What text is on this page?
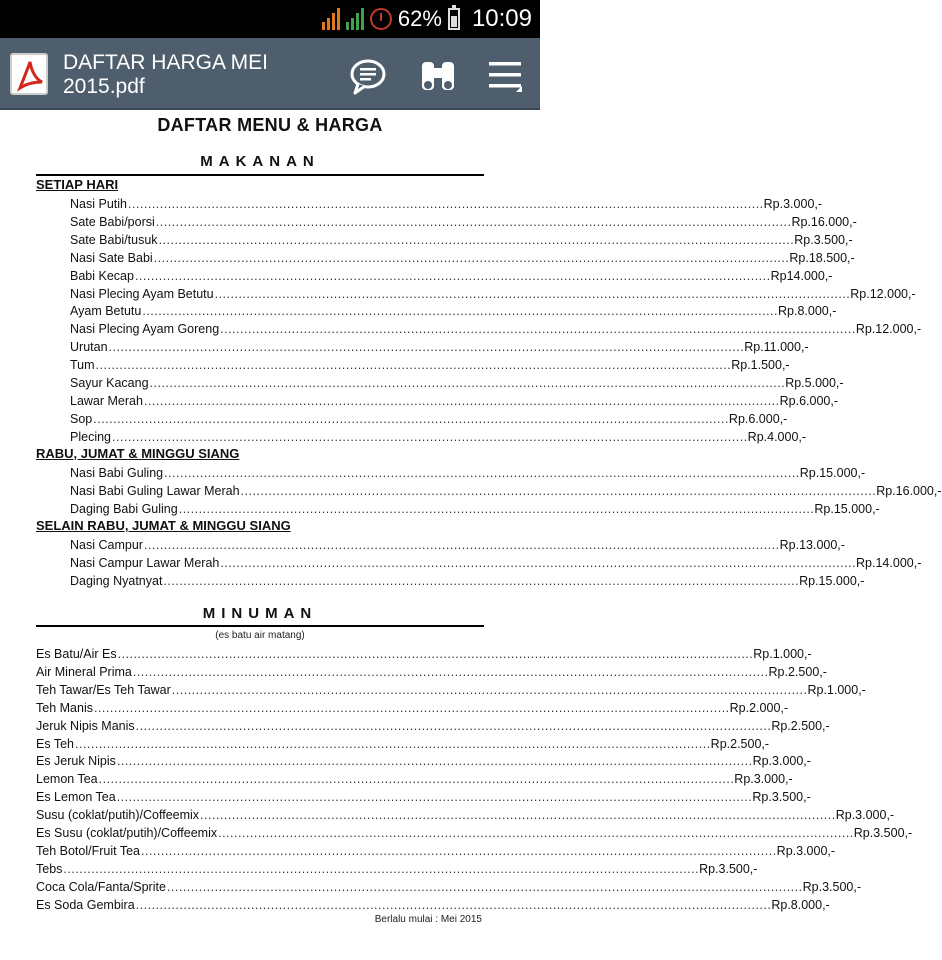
62% 10:09
DAFTAR HARGA MEI 2015.pdf
DAFTAR MENU & HARGA
MAKANAN
SETIAP HARI
RABU, JUMAT & MINGGU SIANG
SELAIN RABU, JUMAT & MINGGU SIANG
MINUMAN
(es batu air matang)
Berlalu mulai : Mei 2015
Nasi Putih ................................................................................................................................................................ Rp. 3.000,-
Sate Babi/porsi ................................................................................................................................................................ Rp. 16.000,-
Sate Babi/tusuk ................................................................................................................................................................ Rp. 3.500,-
Nasi Sate Babi ................................................................................................................................................................ Rp. 18.500,-
Babi Kecap ................................................................................................................................................................ Rp 14.000,-
Nasi Plecing Ayam Betutu ................................................................................................................................................................ Rp. 12.000,-
Ayam Betutu ................................................................................................................................................................ Rp. 8.000,-
Nasi Plecing Ayam Goreng ................................................................................................................................................................ Rp. 12.000,-
Urutan ................................................................................................................................................................ Rp. 11.000,-
Tum ................................................................................................................................................................ Rp. 1.500,-
Sayur Kacang ................................................................................................................................................................ Rp. 5.000,-
Lawar Merah ................................................................................................................................................................ Rp. 6.000,-
Sop ................................................................................................................................................................ Rp. 6.000,-
Plecing ................................................................................................................................................................ Rp. 4.000,-
Nasi Babi Guling ................................................................................................................................................................ Rp. 15.000,-
Nasi Babi Guling Lawar Merah ................................................................................................................................................................ Rp. 16.000,-
Daging Babi Guling ................................................................................................................................................................ Rp. 15.000,-
Nasi Campur ................................................................................................................................................................ Rp. 13.000,-
Nasi Campur Lawar Merah ................................................................................................................................................................ Rp. 14.000,-
Daging Nyatnyat ................................................................................................................................................................ Rp. 15.000,-
Es Batu/Air Es ................................................................................................................................................................ Rp. 1.000,-
Air Mineral Prima ................................................................................................................................................................ Rp. 2.500,-
Teh Tawar/Es Teh Tawar ................................................................................................................................................................ Rp. 1.000,-
Teh Manis ................................................................................................................................................................ Rp. 2.000,-
Jeruk Nipis Manis ................................................................................................................................................................ Rp. 2.500,-
Es Teh ................................................................................................................................................................ Rp. 2.500,-
Es Jeruk Nipis ................................................................................................................................................................ Rp. 3.000,-
Lemon Tea ................................................................................................................................................................ Rp. 3.000,-
Es Lemon Tea ................................................................................................................................................................ Rp. 3.500,-
Susu (coklat/putih)/Coffeemix ................................................................................................................................................................ Rp. 3.000,-
Es Susu (coklat/putih)/Coffeemix ................................................................................................................................................................ Rp. 3.500,-
Teh Botol/Fruit Tea ................................................................................................................................................................ Rp. 3.000,-
Tebs ................................................................................................................................................................ Rp. 3.500,-
Coca Cola/Fanta/Sprite ................................................................................................................................................................ Rp. 3.500,-
Es Soda Gembira ................................................................................................................................................................ Rp. 8.000,-
